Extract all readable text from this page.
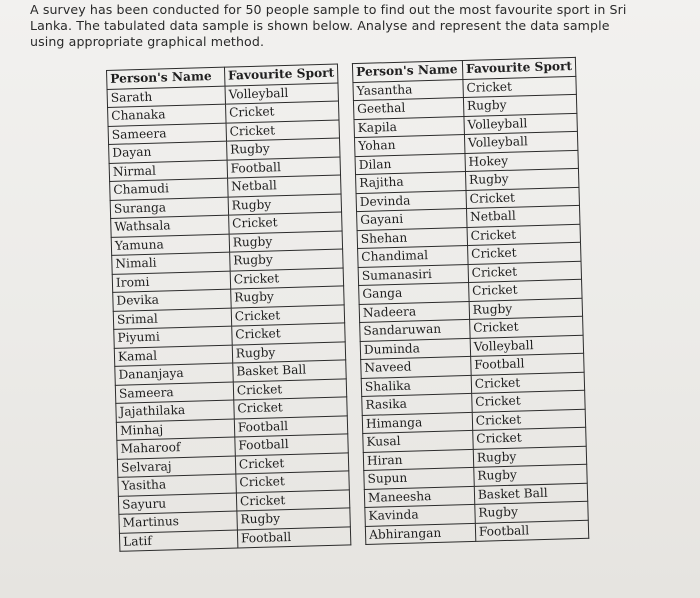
A survey has been conducted for 50 people sample to find out the most favourite sport in Sri
Lanka. The tabulated data sample is shown below. Analyse and represent the data sample
using appropriate graphical method.
Person's Name	Favourite Sport
Sarath	Volleyball
Chanaka	Cricket
Sameera	Cricket
Dayan	Rugby
Nirmal	Football
Chamudi	Netball
Suranga	Rugby
Wathsala	Cricket
Yamuna	Rugby
Nimali	Rugby
Iromi	Cricket
Devika	Rugby
Srimal	Cricket
Piyumi	Cricket
Kamal	Rugby
Dananjaya	Basket Ball
Sameera	Cricket
Jajathilaka	Cricket
Minhaj	Football
Maharoof	Football
Selvaraj	Cricket
Yasitha	Cricket
Sayuru	Cricket
Martinus	Rugby
Latif	Football
Person's Name	Favourite Sport
Yasantha	Cricket
Geethal	Rugby
Kapila	Volleyball
Yohan	Volleyball
Dilan	Hokey
Rajitha	Rugby
Devinda	Cricket
Gayani	Netball
Shehan	Cricket
Chandimal	Cricket
Sumanasiri	Cricket
Ganga	Cricket
Nadeera	Rugby
Sandaruwan	Cricket
Duminda	Volleyball
Naveed	Football
Shalika	Cricket
Rasika	Cricket
Himanga	Cricket
Kusal	Cricket
Hiran	Rugby
Supun	Rugby
Maneesha	Basket Ball
Kavinda	Rugby
Abhirangan	Football
